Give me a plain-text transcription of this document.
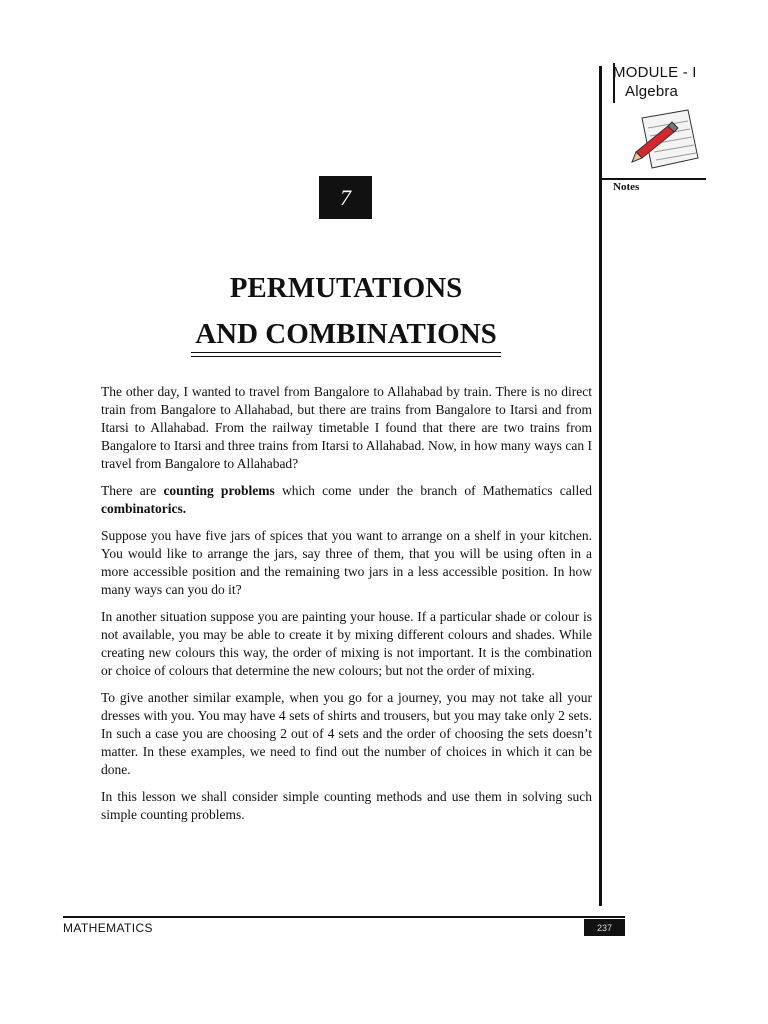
MODULE - I
Algebra
Notes
7
PERMUTATIONS
AND COMBINATIONS

The other day, I wanted to travel from Bangalore to Allahabad by train. There is no direct train from Bangalore to Allahabad, but there are trains from Bangalore to Itarsi and from Itarsi to Allahabad. From the railway timetable I found that there are two trains from Bangalore to Itarsi and three trains from Itarsi to Allahabad. Now, in how many ways can I travel from Bangalore to Allahabad?

There are counting problems which come under the branch of Mathematics called combinatorics.

Suppose you have five jars of spices that you want to arrange on a shelf in your kitchen. You would like to arrange the jars, say three of them, that you will be using often in a more accessible position and the remaining two jars in a less accessible position. In how many ways can you do it?

In another situation suppose you are painting your house. If a particular shade or colour is not available, you may be able to create it by mixing different colours and shades. While creating new colours this way, the order of mixing is not important. It is the combination or choice of colours that determine the new colours; but not the order of mixing.

To give another similar example, when you go for a journey, you may not take all your dresses with you. You may have 4 sets of shirts and trousers, but you may take only 2 sets. In such a case you are choosing 2 out of 4 sets and the order of choosing the sets doesn’t matter. In these examples, we need to find out the number of choices in which it can be done.

In this lesson we shall consider simple counting methods and use them in solving such simple counting problems.

MATHEMATICS	237
